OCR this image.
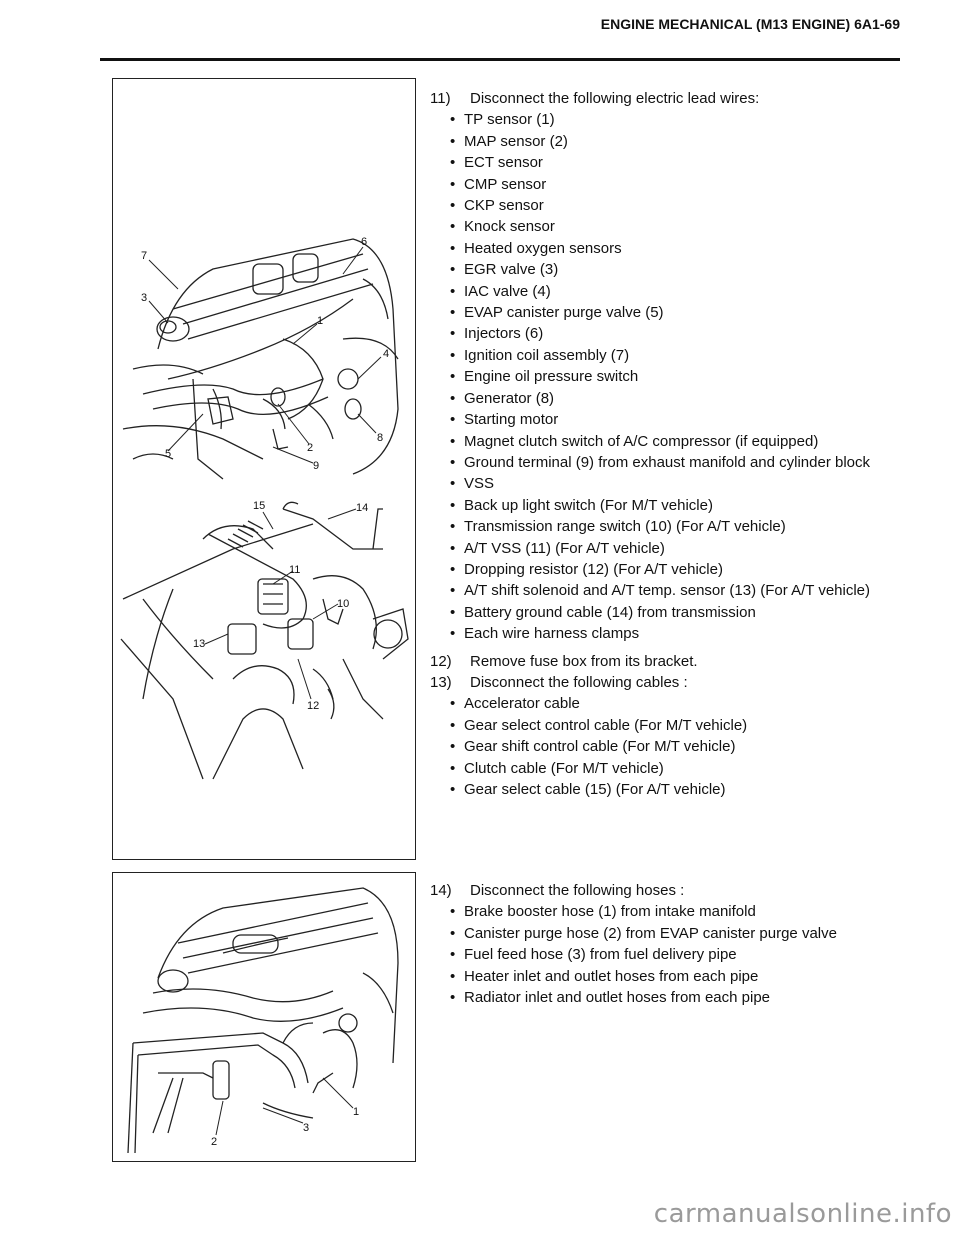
ENGINE MECHANICAL (M13 ENGINE) 6A1-69
7
6
3
1
4
5	2
8
9
15	14
11
10
13
12
1
2
3
11)	Disconnect the following electric lead wires:
• TP sensor (1)
• MAP sensor (2)
• ECT sensor
• CMP sensor
• CKP sensor
• Knock sensor
• Heated oxygen sensors
• EGR valve (3)
• IAC valve (4)
• EVAP canister purge valve (5)
• Injectors (6)
• Ignition coil assembly (7)
• Engine oil pressure switch
• Generator (8)
• Starting motor
• Magnet clutch switch of A/C compressor (if equipped)
• Ground terminal (9) from exhaust manifold and cylinder block
• VSS
• Back up light switch (For M/T vehicle)
• Transmission range switch (10) (For A/T vehicle)
• A/T VSS (11) (For A/T vehicle)
• Dropping resistor (12) (For A/T vehicle)
• A/T shift solenoid and A/T temp. sensor (13) (For A/T vehicle)
• Battery ground cable (14) from transmission
• Each wire harness clamps
12)	Remove fuse box from its bracket.
13)	Disconnect the following cables :
• Accelerator cable
• Gear select control cable (For M/T vehicle)
• Gear shift control cable (For M/T vehicle)
• Clutch cable (For M/T vehicle)
• Gear select cable (15) (For A/T vehicle)
14)	Disconnect the following hoses :
• Brake booster hose (1) from intake manifold
• Canister purge hose (2) from EVAP canister purge valve
• Fuel feed hose (3) from fuel delivery pipe
• Heater inlet and outlet hoses from each pipe
• Radiator inlet and outlet hoses from each pipe
carmanualsonline.info
